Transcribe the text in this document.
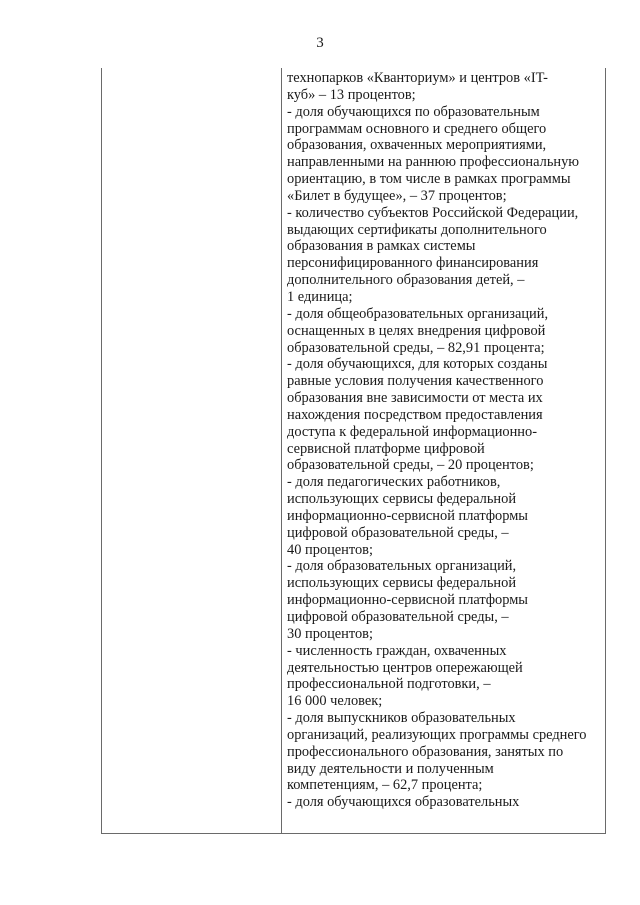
3
технопарков «Кванториум» и центров «IT-
куб» – 13 процентов;
- доля обучающихся по образовательным
программам основного и среднего общего
образования, охваченных мероприятиями,
направленными на раннюю профессиональную
ориентацию, в том числе в рамках программы
«Билет в будущее», – 37 процентов;
- количество субъектов Российской Федерации,
выдающих сертификаты дополнительного
образования в рамках системы
персонифицированного финансирования
дополнительного образования детей, –
1 единица;
- доля общеобразовательных организаций,
оснащенных в целях внедрения цифровой
образовательной среды, – 82,91 процента;
- доля обучающихся, для которых созданы
равные условия получения качественного
образования вне зависимости от места их
нахождения посредством предоставления
доступа к федеральной информационно-
сервисной платформе цифровой
образовательной среды, – 20 процентов;
- доля педагогических работников,
использующих сервисы федеральной
информационно-сервисной платформы
цифровой образовательной среды, –
40 процентов;
- доля образовательных организаций,
использующих сервисы федеральной
информационно-сервисной платформы
цифровой образовательной среды, –
30 процентов;
- численность граждан, охваченных
деятельностью центров опережающей
профессиональной подготовки, –
16 000 человек;
- доля выпускников образовательных
организаций, реализующих программы среднего
профессионального образования, занятых по
виду деятельности и полученным
компетенциям, – 62,7 процента;
- доля обучающихся образовательных
